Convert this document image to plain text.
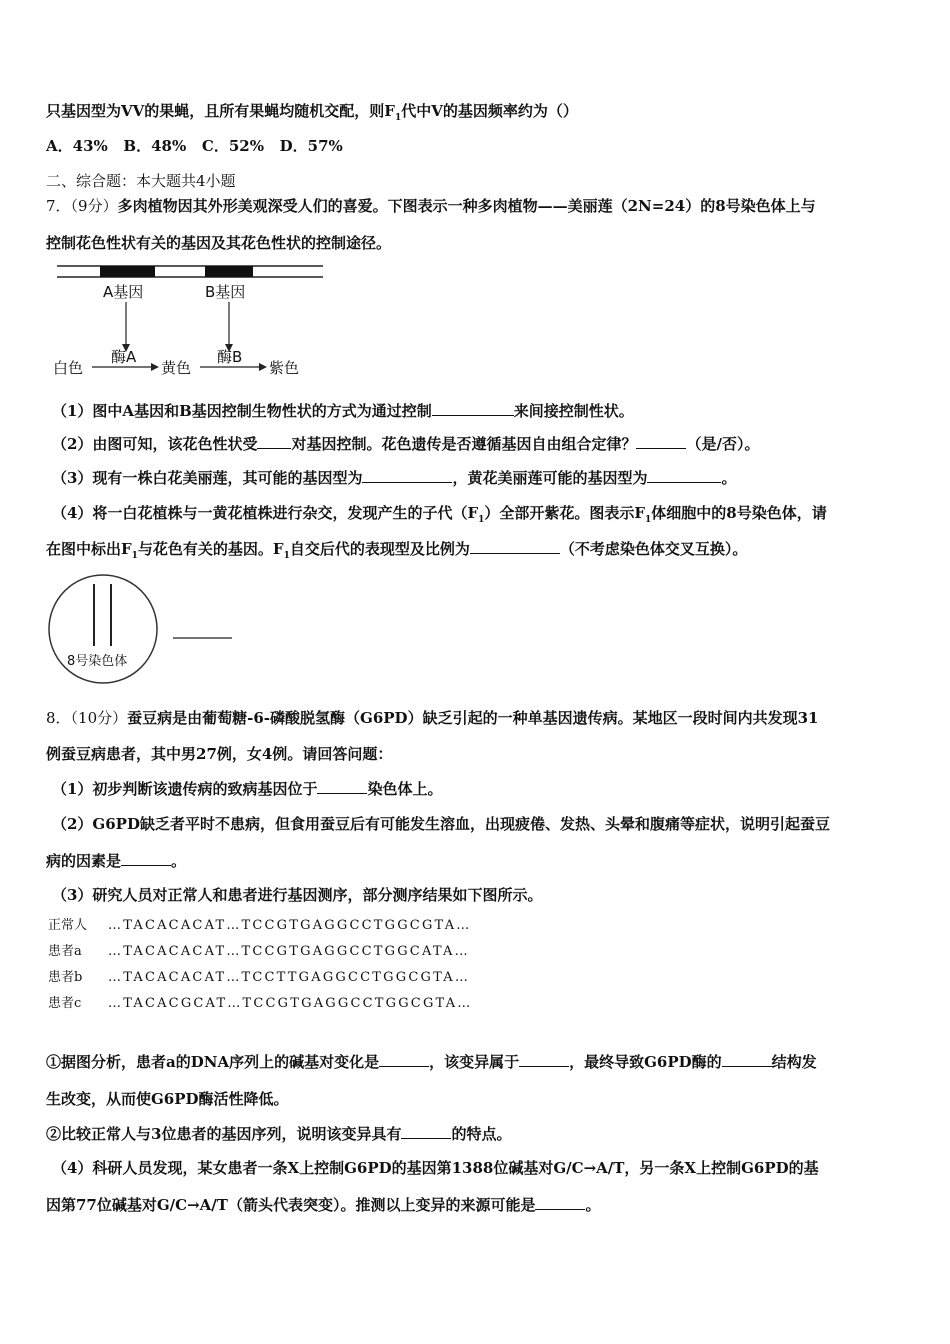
只基因型为VV的果蝇，且所有果蝇均随机交配，则$F_1$代中V的基因频率约为（）
A．43%   B．48%   C．52%   D．57%
二、综合题：本大题共4小题
7．（9分）多肉植物因其外形美观深受人们的喜爱。下图表示一种多肉植物——美丽莲（2N=24）的8号染色体上与
控制花色性状有关的基因及其花色性状的控制途径。
A基因	B基因
白色
酶A
黄色
酶B
紫色
（1）图中A基因和B基因控制生物性状的方式为通过控制	来间接控制性状。
（2）由图可知，该花色性状受 对基因控制。花色遗传是否遵循基因自由组合定律？	（是/否）。
（3）现有一株白花美丽莲，其可能的基因型为	，黄花美丽莲可能的基因型为	。
（4）将一白花植株与一黄花植株进行杂交，发现产生的子代$(F_1)$全部开紫花。图表示$F_1$体细胞中的8号染色体，请
在图中标出$F_1$与花色有关的基因。$F_1$自交后代的表现型及比例为	（不考虑染色体交叉互换）。
8号染色体
8．（10分）蚕豆病是由葡萄糖-6-磷酸脱氢酶（G6PD）缺乏引起的一种单基因遗传病。某地区一段时间内共发现31
例蚕豆病患者，其中男27例，女4例。请回答问题：
（1）初步判断该遗传病的致病基因位于	染色体上。
（2）G6PD缺乏者平时不患病，但食用蚕豆后有可能发生溶血，出现疲倦、发热、头晕和腹痛等症状，说明引起蚕豆
病的因素是	。
（3）研究人员对正常人和患者进行基因测序，部分测序结果如下图所示。
正常人 …TACACACAT…TCCGTGAGGCCTGGCGTA…
患者a …TACACACAT…TCCGTGAGGCCTGGCATA…
患者b …TACACACAT…TCCTTGAGGCCTGGCGTA…
患者c …TACACGCAT…TCCGTGAGGCCTGGCGTA…
①据图分析，患者a的DNA序列上的碱基对变化是	，该变异属于	，最终导致G6PD酶的	结构发
生改变，从而使G6PD酶活性降低。
②比较正常人与3位患者的基因序列，说明该变异具有	的特点。
（4）科研人员发现，某女患者一条X上控制G6PD的基因第1388位碱基对G/C→A/T，另一条X上控制G6PD的基
因第77位碱基对G/C→A/T（箭头代表突变）。推测以上变异的来源可能是	。
